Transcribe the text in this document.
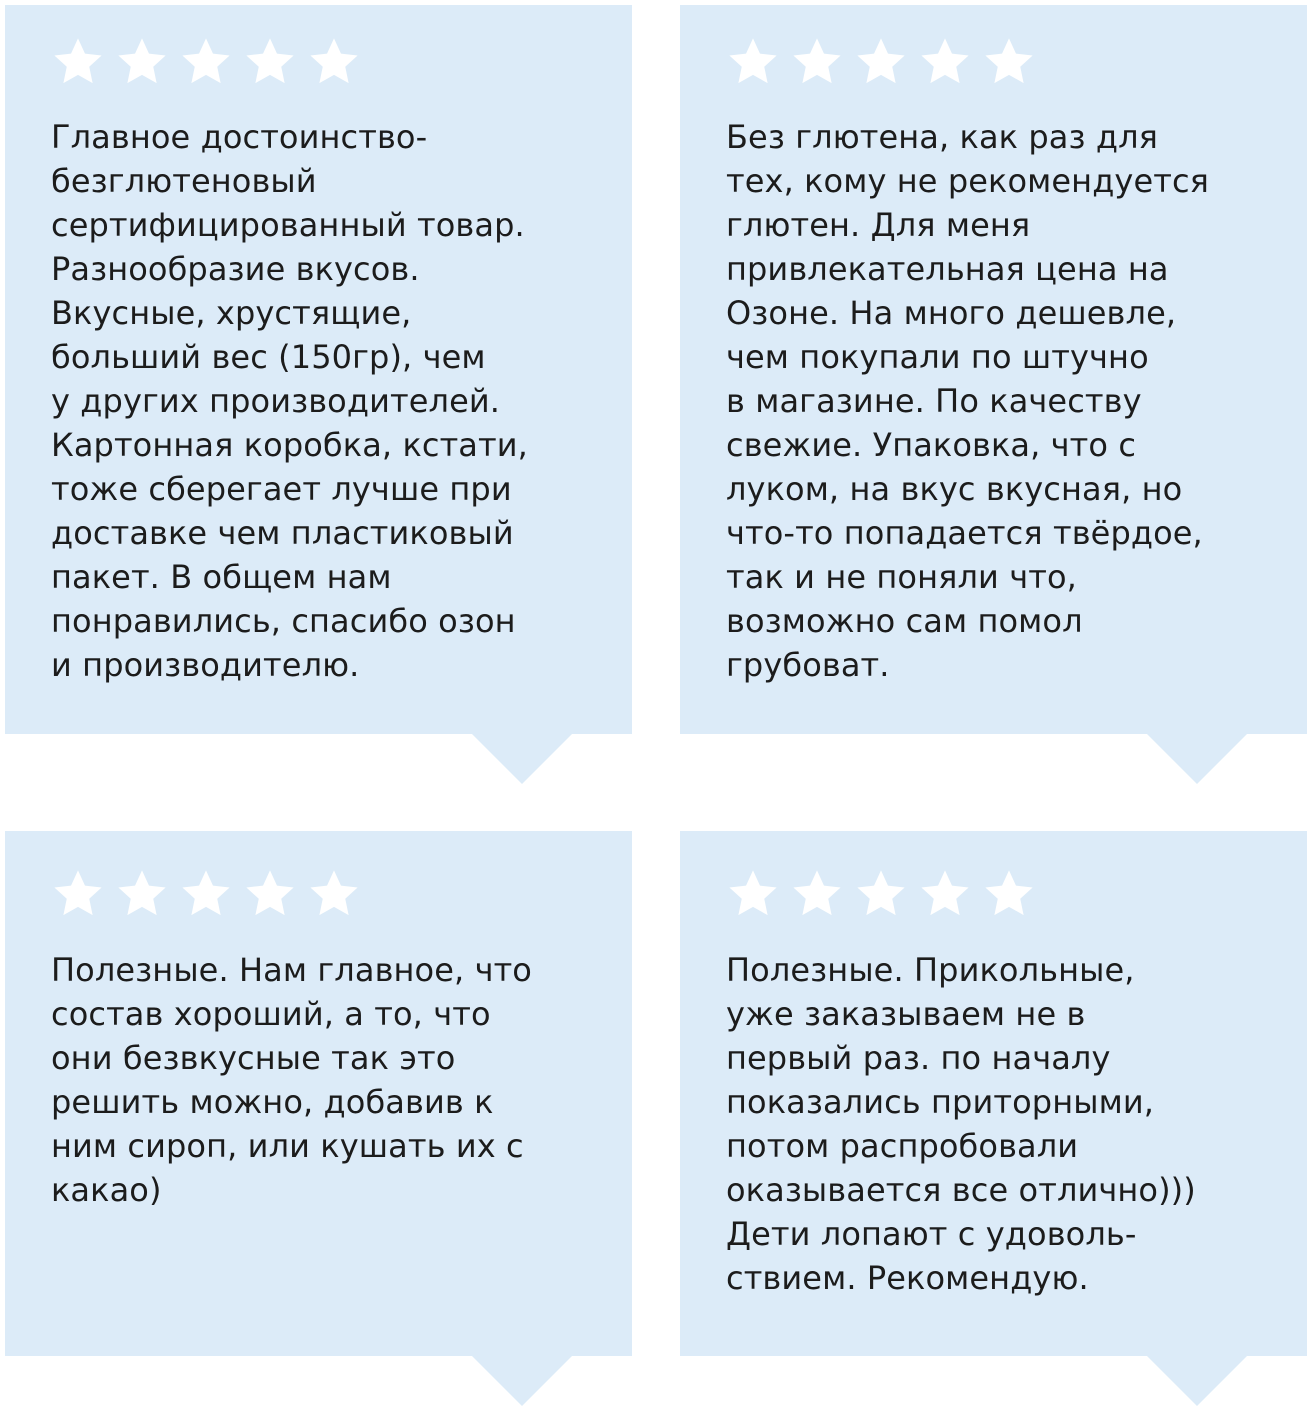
Главное достоинство-
безглютеновый
сертифицированный товар.
Разнообразие вкусов.
Вкусные, хрустящие,
больший вес (150гр), чем
у других производителей.
Картонная коробка, кстати,
тоже сберегает лучше при
доставке чем пластиковый
пакет. В общем нам
понравились, спасибо озон
и производителю.

Без глютена, как раз для
тех, кому не рекомендуется
глютен. Для меня
привлекательная цена на
Озоне. На много дешевле,
чем покупали по штучно
в магазине. По качеству
свежие. Упаковка, что с
луком, на вкус вкусная, но
что-то попадается твёрдое,
так и не поняли что,
возможно сам помол
грубоват.

Полезные. Нам главное, что
состав хороший, а то, что
они безвкусные так это
решить можно, добавив к
ним сироп, или кушать их с
какао)

Полезные. Прикольные,
уже заказываем не в
первый раз. по началу
показались приторными,
потом распробовали
оказывается все отлично)))
Дети лопают с удоволь-
ствием. Рекомендую.
